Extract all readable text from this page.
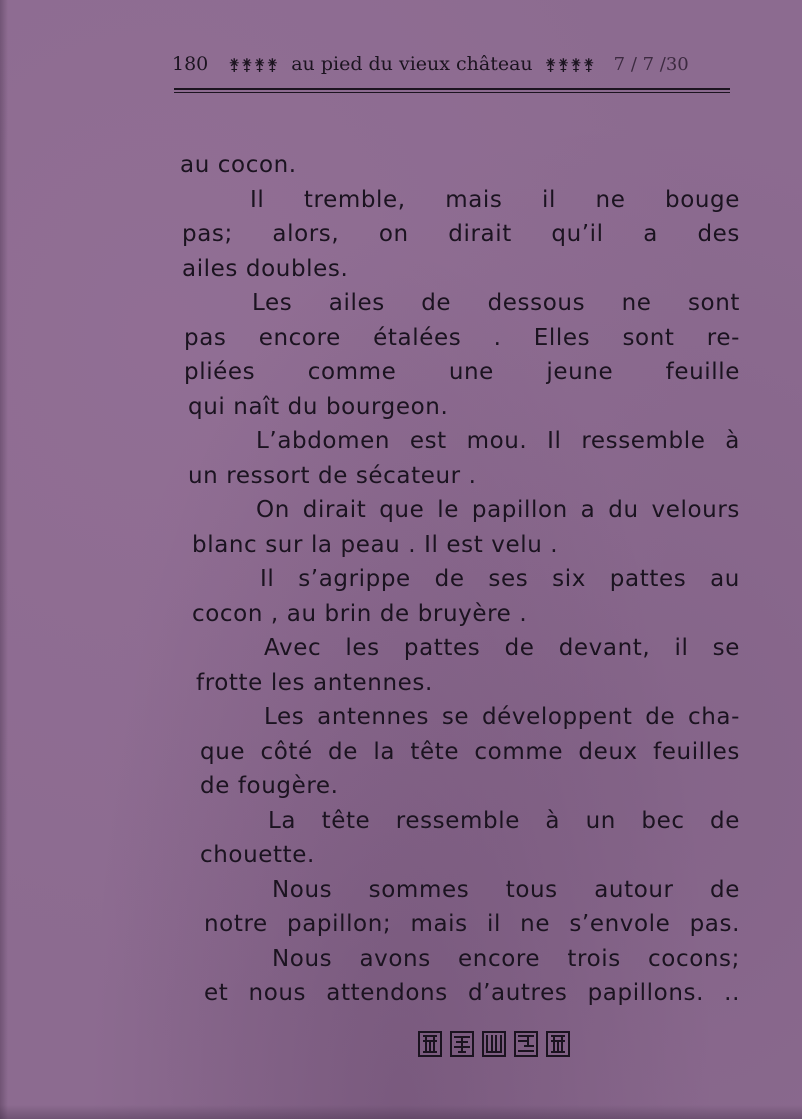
180 ⚵⚵⚵⚵ au pied du vieux château ⚵⚵⚵⚵ 7 / 7 /30
au cocon.
Il tremble, mais il ne bouge
pas; alors, on dirait qu’il a des
ailes doubles.
Les ailes de dessous ne sont
pas encore étalées . Elles sont re-
pliées comme une jeune feuille
qui naît du bourgeon.
L’abdomen est mou. Il ressemble à
un ressort de sécateur .
On dirait que le papillon a du velours
blanc sur la peau . Il est velu .
Il s’agrippe de ses six pattes au
cocon , au brin de bruyère .
Avec les pattes de devant, il se
frotte les antennes.
Les antennes se développent de cha-
que côté de la tête comme deux feuilles
de fougère.
La tête ressemble à un bec de
chouette.
Nous sommes tous autour de
notre papillon; mais il ne s’envole pas.
Nous avons encore trois cocons;
et nous attendons d’autres papillons. ..
